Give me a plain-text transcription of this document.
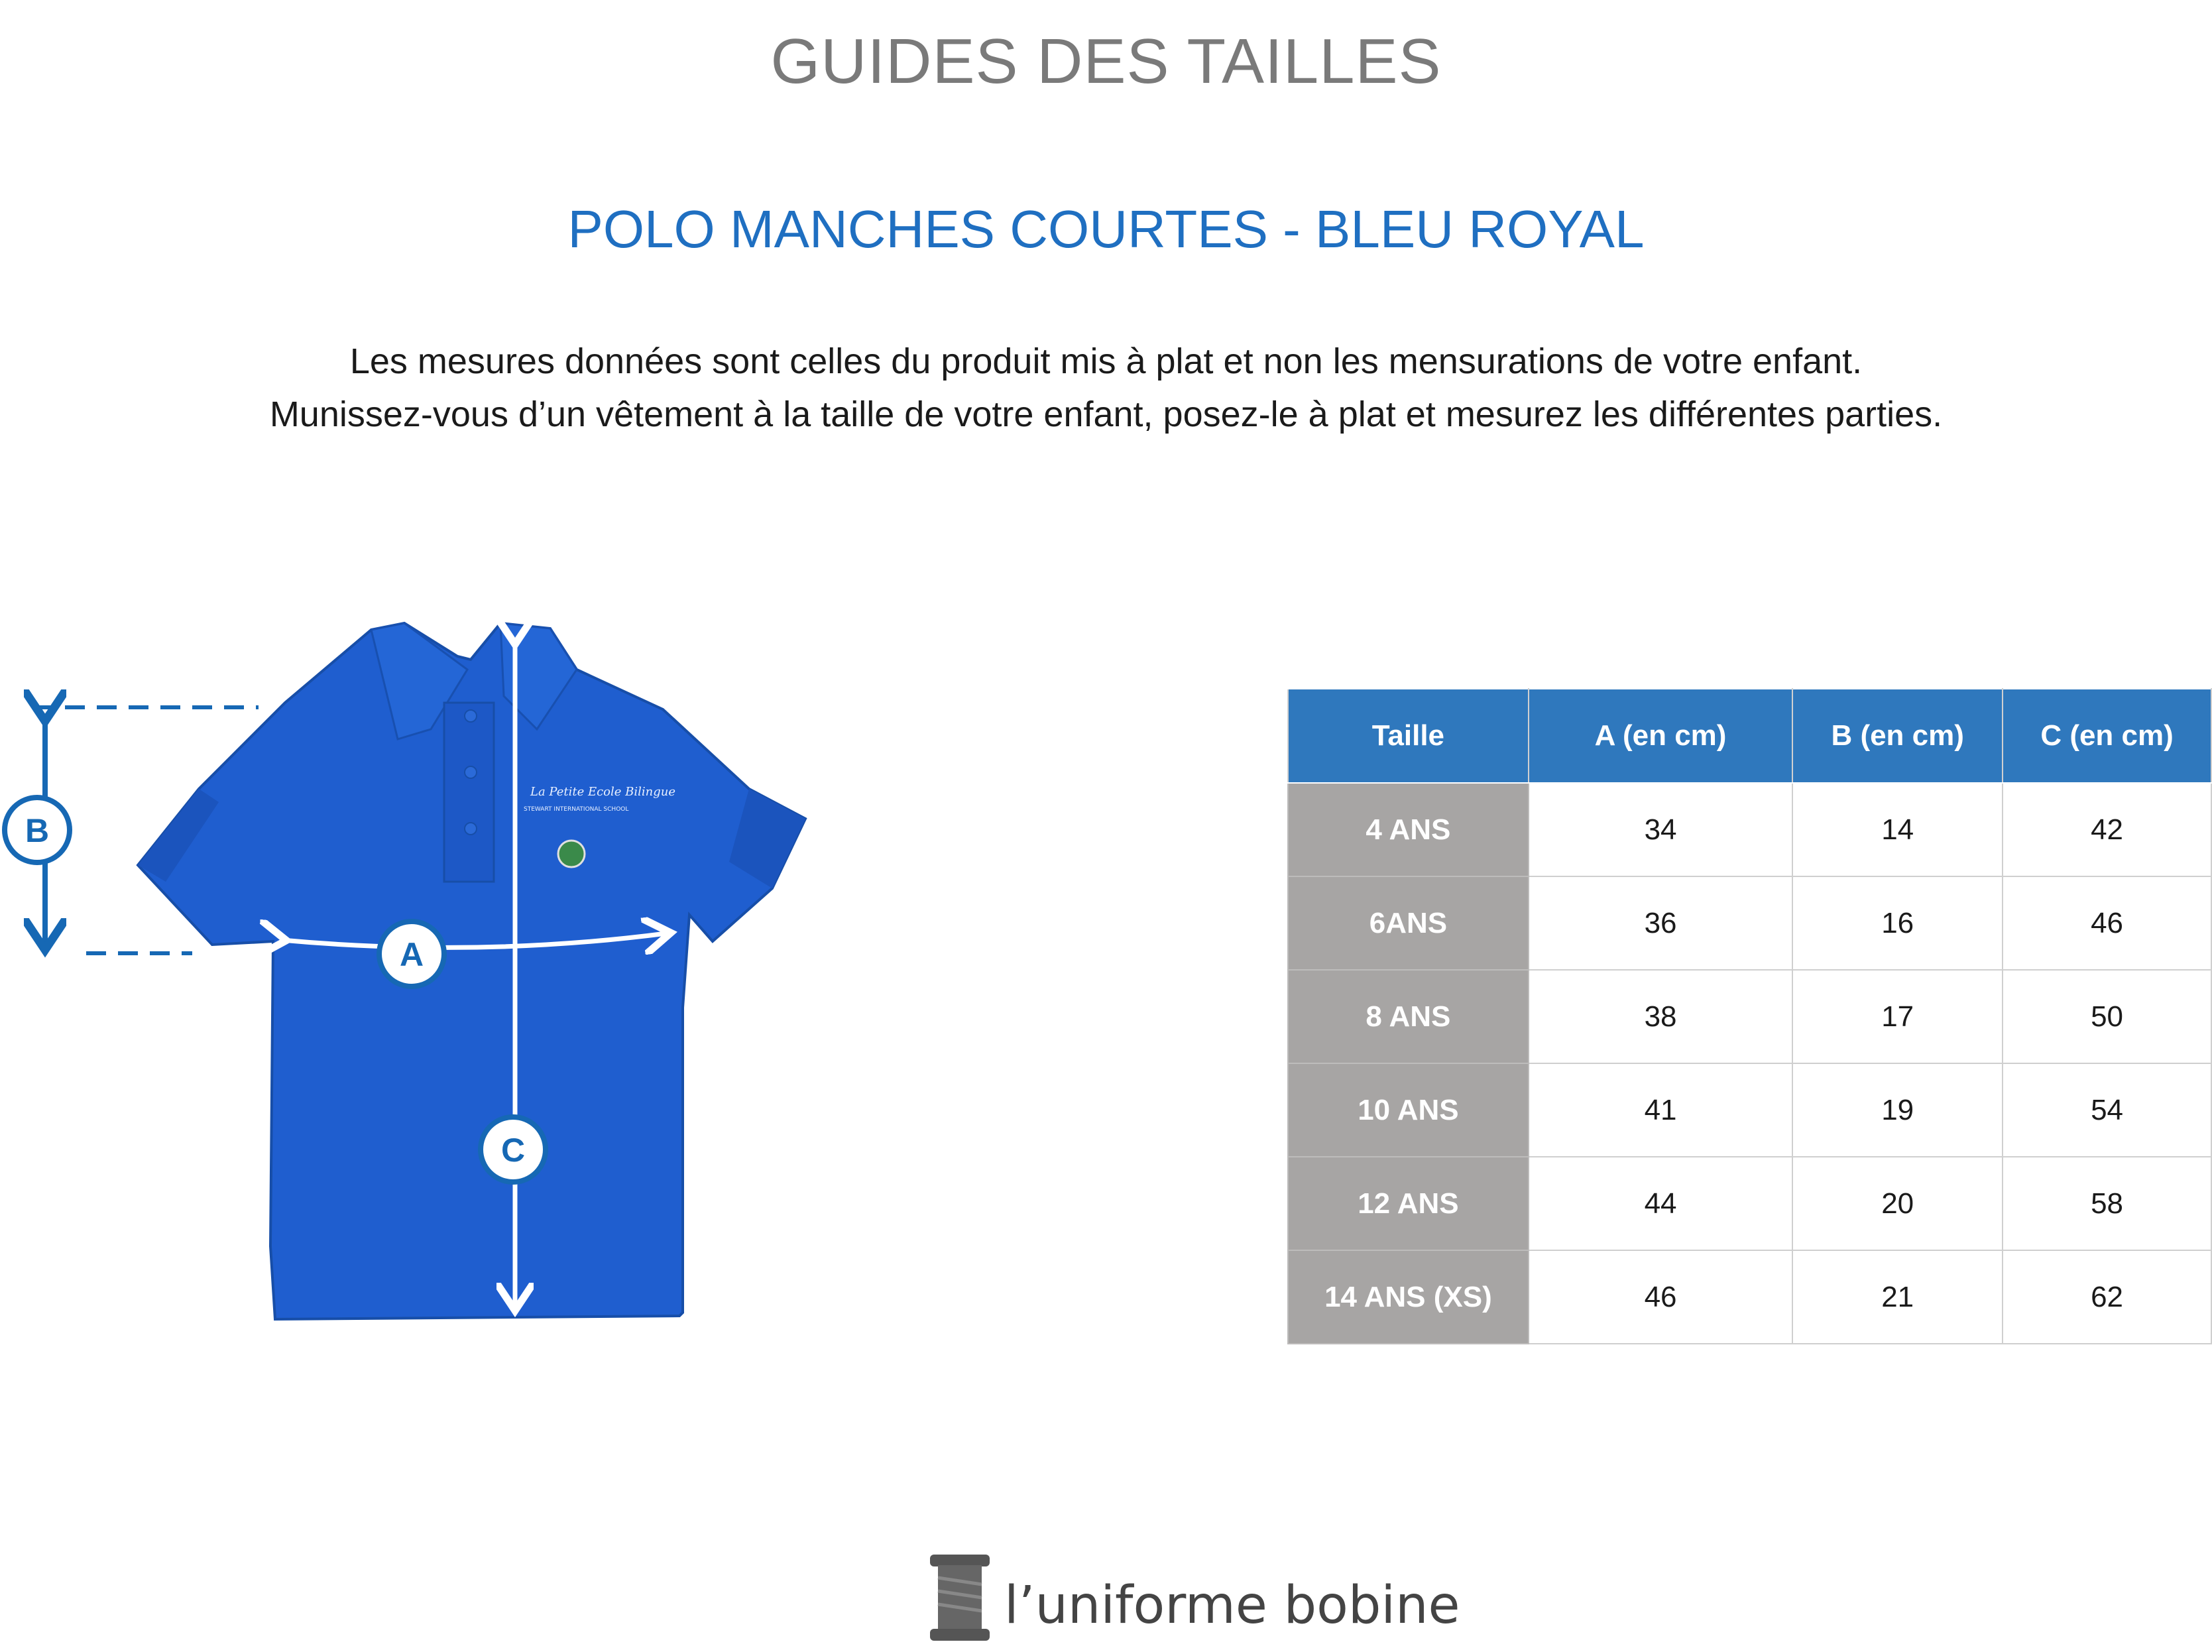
GUIDES DES TAILLES
POLO MANCHES COURTES - BLEU ROYAL
Les mesures données sont celles du produit mis à plat et non les mensurations de votre enfant.
Munissez-vous d’un vêtement à la taille de votre enfant, posez-le à plat et mesurez les différentes parties.
La Petite Ecole Bilingue
STEWART INTERNATIONAL SCHOOL
B
A
C
Taille	A (en cm)	B (en cm)	C (en cm)
4 ANS	34	14	42
6ANS	36	16	46
8 ANS	38	17	50
10 ANS	41	19	54
12 ANS	44	20	58
14 ANS (XS)	46	21	62
l’uniforme bobine
